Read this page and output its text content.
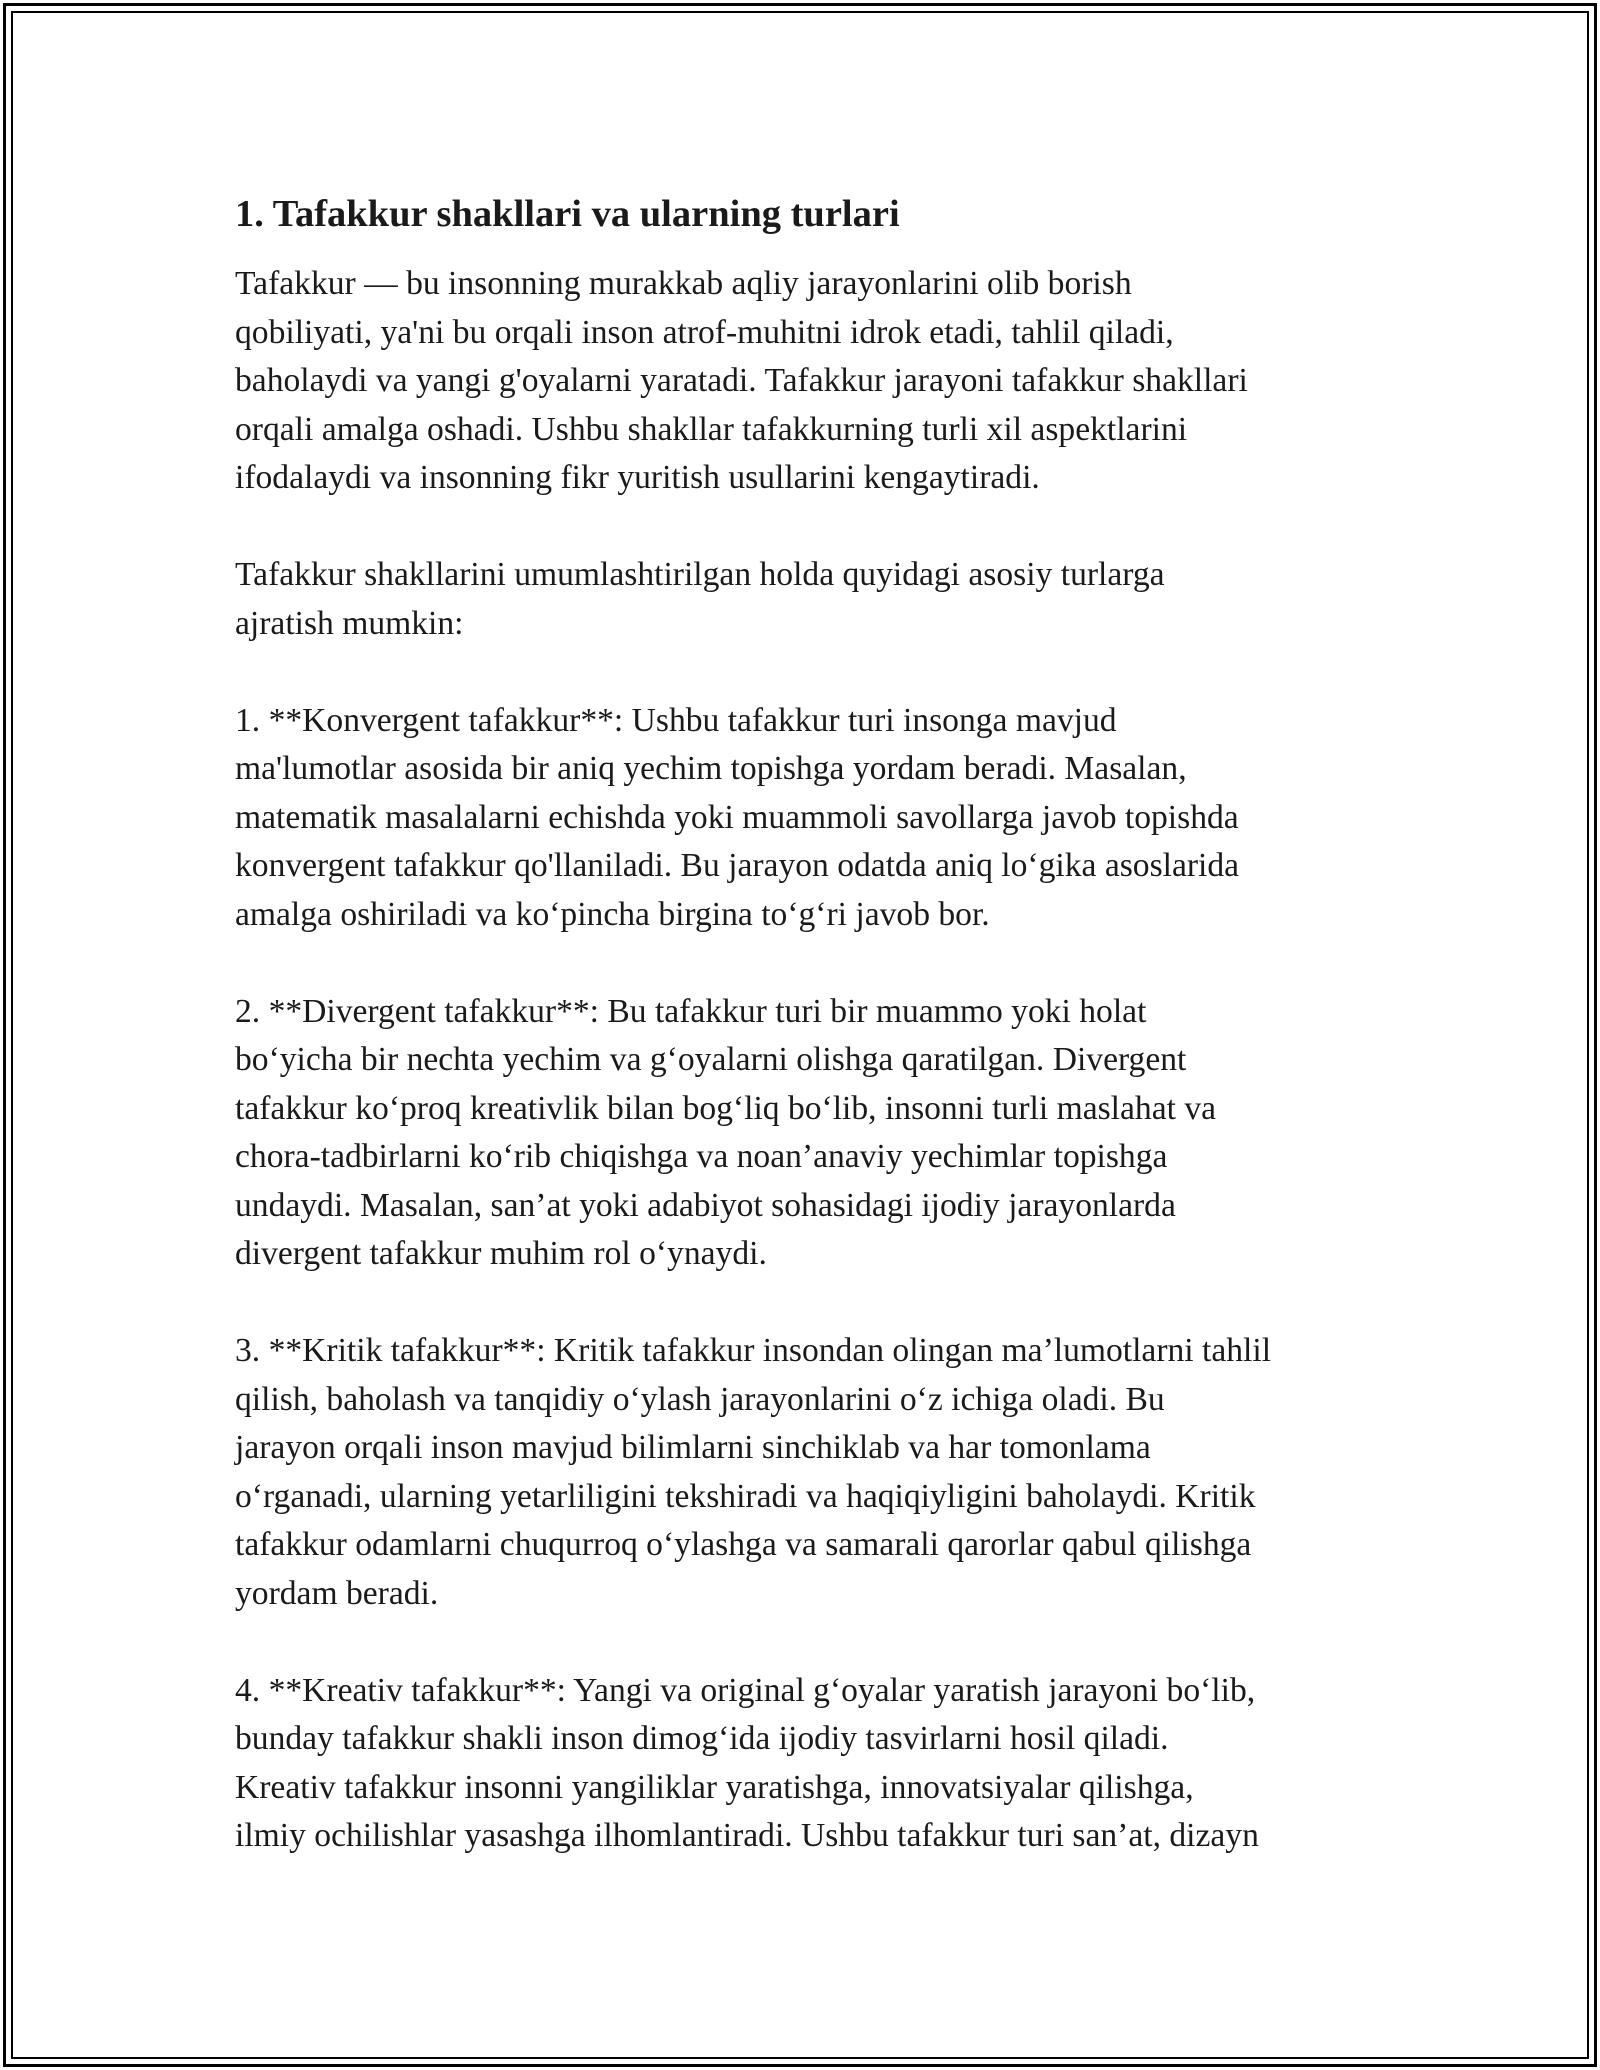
1. Tafakkur shakllari va ularning turlari
Tafakkur — bu insonning murakkab aqliy jarayonlarini olib borish
qobiliyati, ya'ni bu orqali inson atrof-muhitni idrok etadi, tahlil qiladi,
baholaydi va yangi g'oyalarni yaratadi. Tafakkur jarayoni tafakkur shakllari
orqali amalga oshadi. Ushbu shakllar tafakkurning turli xil aspektlarini
ifodalaydi va insonning fikr yuritish usullarini kengaytiradi.
Tafakkur shakllarini umumlashtirilgan holda quyidagi asosiy turlarga
ajratish mumkin:
1. **Konvergent tafakkur**: Ushbu tafakkur turi insonga mavjud
ma'lumotlar asosida bir aniq yechim topishga yordam beradi. Masalan,
matematik masalalarni echishda yoki muammoli savollarga javob topishda
konvergent tafakkur qo'llaniladi. Bu jarayon odatda aniq lo‘gika asoslarida
amalga oshiriladi va ko‘pincha birgina to‘g‘ri javob bor.
2. **Divergent tafakkur**: Bu tafakkur turi bir muammo yoki holat
bo‘yicha bir nechta yechim va g‘oyalarni olishga qaratilgan. Divergent
tafakkur ko‘proq kreativlik bilan bog‘liq bo‘lib, insonni turli maslahat va
chora-tadbirlarni ko‘rib chiqishga va noan’anaviy yechimlar topishga
undaydi. Masalan, san’at yoki adabiyot sohasidagi ijodiy jarayonlarda
divergent tafakkur muhim rol o‘ynaydi.
3. **Kritik tafakkur**: Kritik tafakkur insondan olingan ma’lumotlarni tahlil
qilish, baholash va tanqidiy o‘ylash jarayonlarini o‘z ichiga oladi. Bu
jarayon orqali inson mavjud bilimlarni sinchiklab va har tomonlama
o‘rganadi, ularning yetarliligini tekshiradi va haqiqiyligini baholaydi. Kritik
tafakkur odamlarni chuqurroq o‘ylashga va samarali qarorlar qabul qilishga
yordam beradi.
4. **Kreativ tafakkur**: Yangi va original g‘oyalar yaratish jarayoni bo‘lib,
bunday tafakkur shakli inson dimog‘ida ijodiy tasvirlarni hosil qiladi.
Kreativ tafakkur insonni yangiliklar yaratishga, innovatsiyalar qilishga,
ilmiy ochilishlar yasashga ilhomlantiradi. Ushbu tafakkur turi san’at, dizayn
